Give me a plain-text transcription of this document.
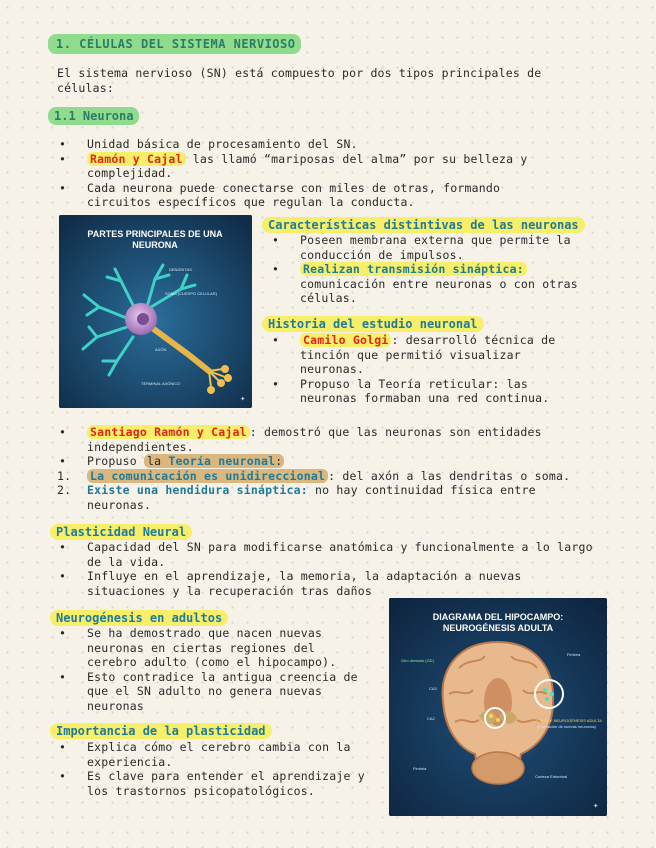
1. CÉLULAS DEL SISTEMA NERVIOSO
El sistema nervioso (SN) está compuesto por dos tipos principales de células:
1.1 Neurona
• Unidad básica de procesamiento del SN.
• Ramón y Cajal las llamó “mariposas del alma” por su belleza y complejidad.
• Cada neurona puede conectarse con miles de otras, formando circuitos específicos que regulan la conducta.
PARTES PRINCIPALES DE UNA NEURONA
DENDRITAS
SOMA (CUERPO CELULAR)
AXÓN
TERMINAL AXÓNICO
✦
Características distintivas de las neuronas
• Poseen membrana externa que permite la conducción de impulsos.
• Realizan transmisión sináptica: comunicación entre neuronas o con otras células.
Historia del estudio neuronal
• Camilo Golgi : desarrolló técnica de tinción que permitió visualizar neuronas.
• Propuso la Teoría reticular: las neuronas formaban una red continua.
• Santiago Ramón y Cajal : demostró que las neuronas son entidades independientes.
• Propuso la Teoría neuronal:
1. La comunicación es unidireccional : del axón a las dendritas o soma.
2. Existe una hendidura sináptica: no hay continuidad física entre neuronas.
Plasticidad Neural
• Capacidad del SN para modificarse anatómica y funcionalmente a lo largo de la vida.
• Influye en el aprendizaje, la memoria, la adaptación a nuevas situaciones y la recuperación tras daños
Neurogénesis en adultos
• Se ha demostrado que nacen nuevas neuronas en ciertas regiones del cerebro adulto (como el hipocampo).
• Esto contradice la antigua creencia de que el SN adulto no genera nuevas neuronas
DIAGRAMA DEL HIPOCAMPO: NEUROGÉNESIS ADULTA
Giro dentado (GD)
CA3
CA2
Fimbria
ZONA DE NEUROGÉNESIS ADULTA
(Formación de nuevas neuronas)
Corteza Entorrinal
Fimbria
✦
Importancia de la plasticidad
• Explica cómo el cerebro cambia con la experiencia.
• Es clave para entender el aprendizaje y los trastornos psicopatológicos.
